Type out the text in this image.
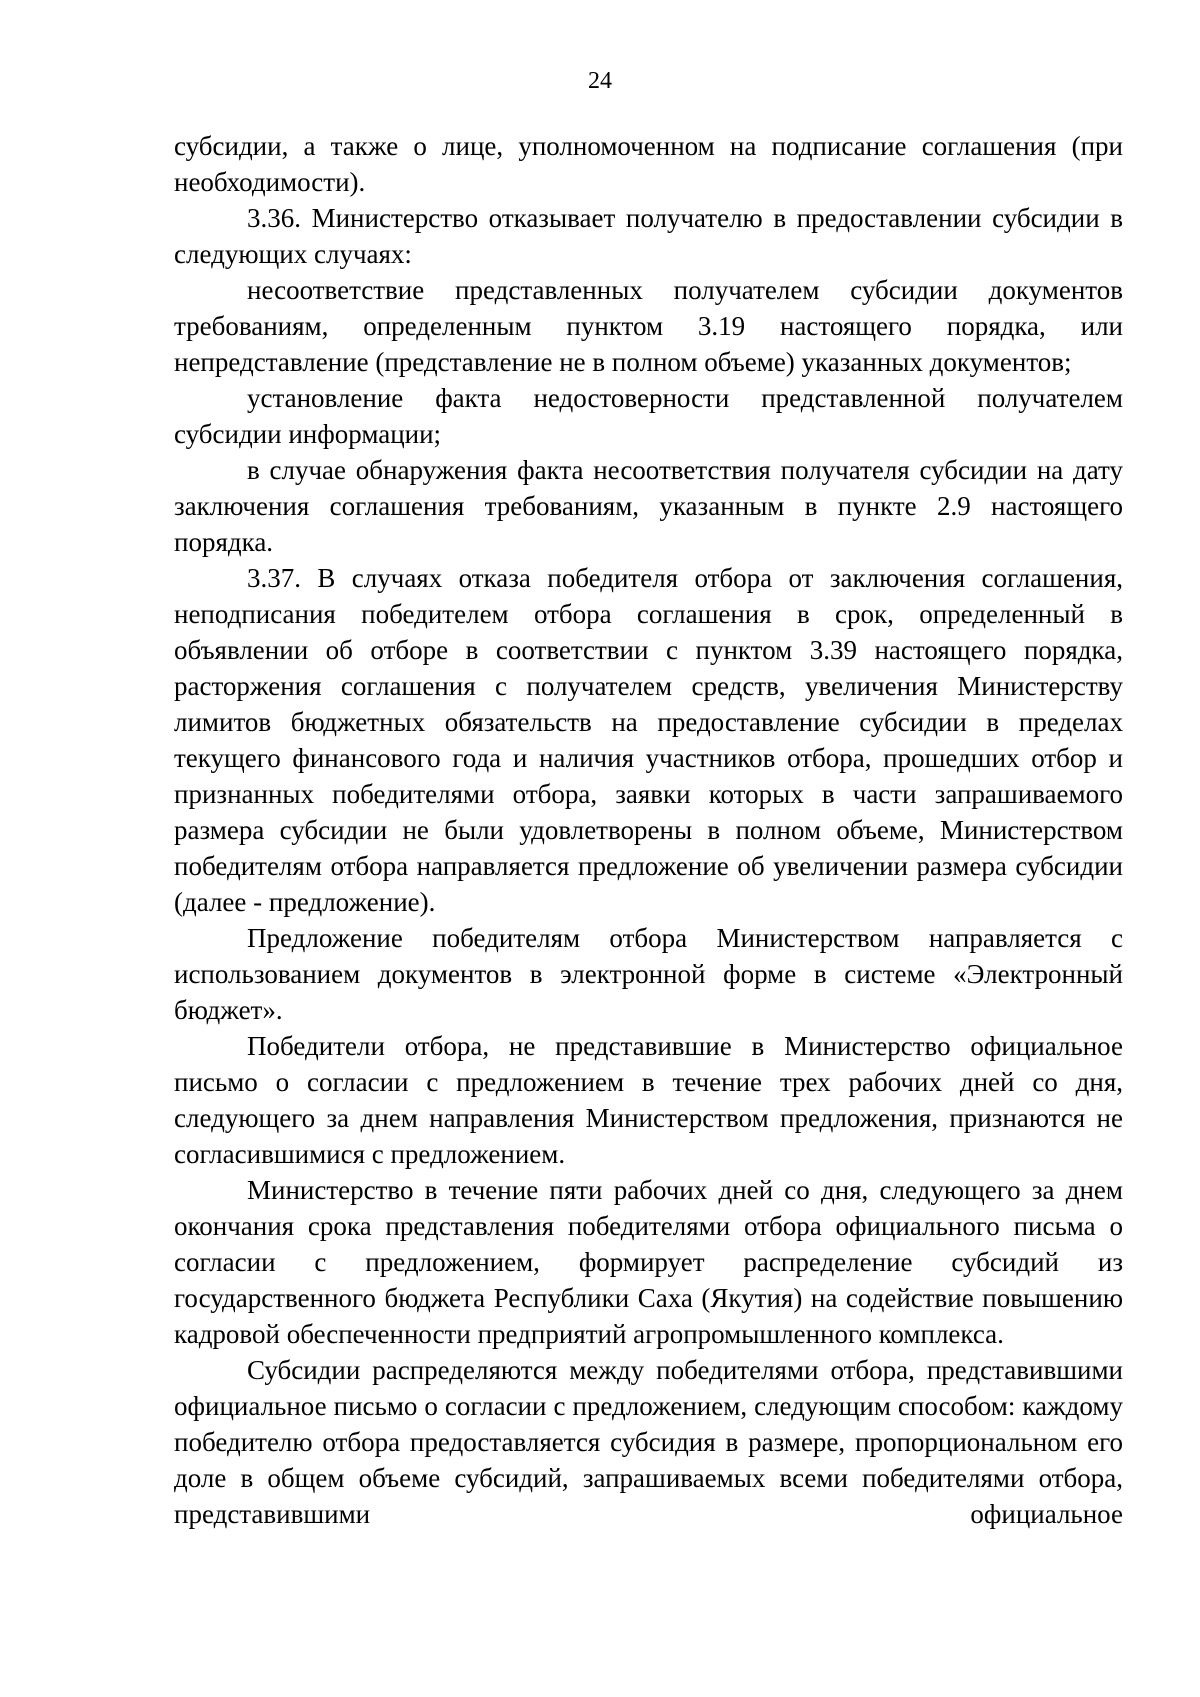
24

субсидии, а также о лице, уполномоченном на подписание соглашения (при необходимости).

3.36. Министерство отказывает получателю в предоставлении субсидии в следующих случаях:

несоответствие представленных получателем субсидии документов требованиям, определенным пунктом 3.19 настоящего порядка, или непредставление (представление не в полном объеме) указанных документов;

установление факта недостоверности представленной получателем субсидии информации;

в случае обнаружения факта несоответствия получателя субсидии на дату заключения соглашения требованиям, указанным в пункте 2.9 настоящего порядка.

3.37. В случаях отказа победителя отбора от заключения соглашения, неподписания победителем отбора соглашения в срок, определенный в объявлении об отборе в соответствии с пунктом 3.39 настоящего порядка, расторжения соглашения с получателем средств, увеличения Министерству лимитов бюджетных обязательств на предоставление субсидии в пределах текущего финансового года и наличия участников отбора, прошедших отбор и признанных победителями отбора, заявки которых в части запрашиваемого размера субсидии не были удовлетворены в полном объеме, Министерством победителям отбора направляется предложение об увеличении размера субсидии (далее - предложение).

Предложение победителям отбора Министерством направляется с использованием документов в электронной форме в системе «Электронный бюджет».

Победители отбора, не представившие в Министерство официальное письмо о согласии с предложением в течение трех рабочих дней со дня, следующего за днем направления Министерством предложения, признаются не согласившимися с предложением.

Министерство в течение пяти рабочих дней со дня, следующего за днем окончания срока представления победителями отбора официального письма о согласии с предложением, формирует распределение субсидий из государственного бюджета Республики Саха (Якутия) на содействие повышению кадровой обеспеченности предприятий агропромышленного комплекса.

Субсидии распределяются между победителями отбора, представившими официальное письмо о согласии с предложением, следующим способом: каждому победителю отбора предоставляется субсидия в размере, пропорциональном его доле в общем объеме субсидий, запрашиваемых всеми победителями отбора, представившими официальное
